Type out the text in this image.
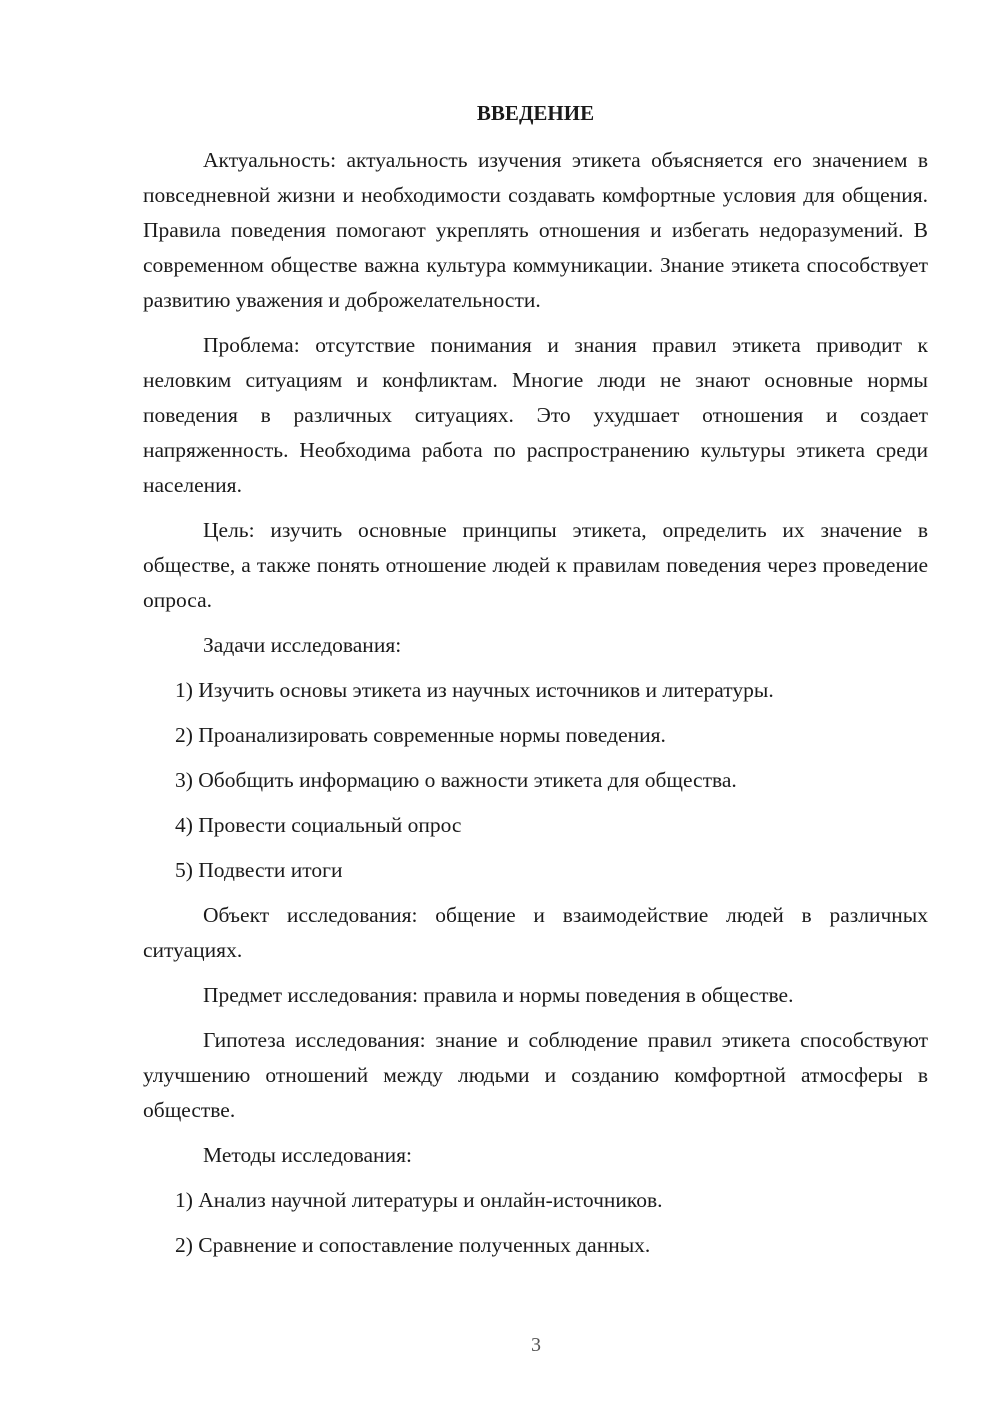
ВВЕДЕНИЕ

Актуальность: актуальность изучения этикета объясняется его значением в повседневной жизни и необходимости создавать комфортные условия для общения. Правила поведения помогают укреплять отношения и избегать недоразумений. В современном обществе важна культура коммуникации. Знание этикета способствует развитию уважения и доброжелательности.

Проблема: отсутствие понимания и знания правил этикета приводит к неловким ситуациям и конфликтам. Многие люди не знают основные нормы поведения в различных ситуациях. Это ухудшает отношения и создает напряженность. Необходима работа по распространению культуры этикета среди населения.

Цель: изучить основные принципы этикета, определить их значение в обществе, а также понять отношение людей к правилам поведения через проведение опроса.

Задачи исследования:

1) Изучить основы этикета из научных источников и литературы.
2) Проанализировать современные нормы поведения.
3) Обобщить информацию о важности этикета для общества.
4) Провести социальный опрос
5) Подвести итоги

Объект исследования: общение и взаимодействие людей в различных ситуациях.

Предмет исследования: правила и нормы поведения в обществе.

Гипотеза исследования: знание и соблюдение правил этикета способствуют улучшению отношений между людьми и созданию комфортной атмосферы в обществе.

Методы исследования:

1) Анализ научной литературы и онлайн-источников.
2) Сравнение и сопоставление полученных данных.
3
